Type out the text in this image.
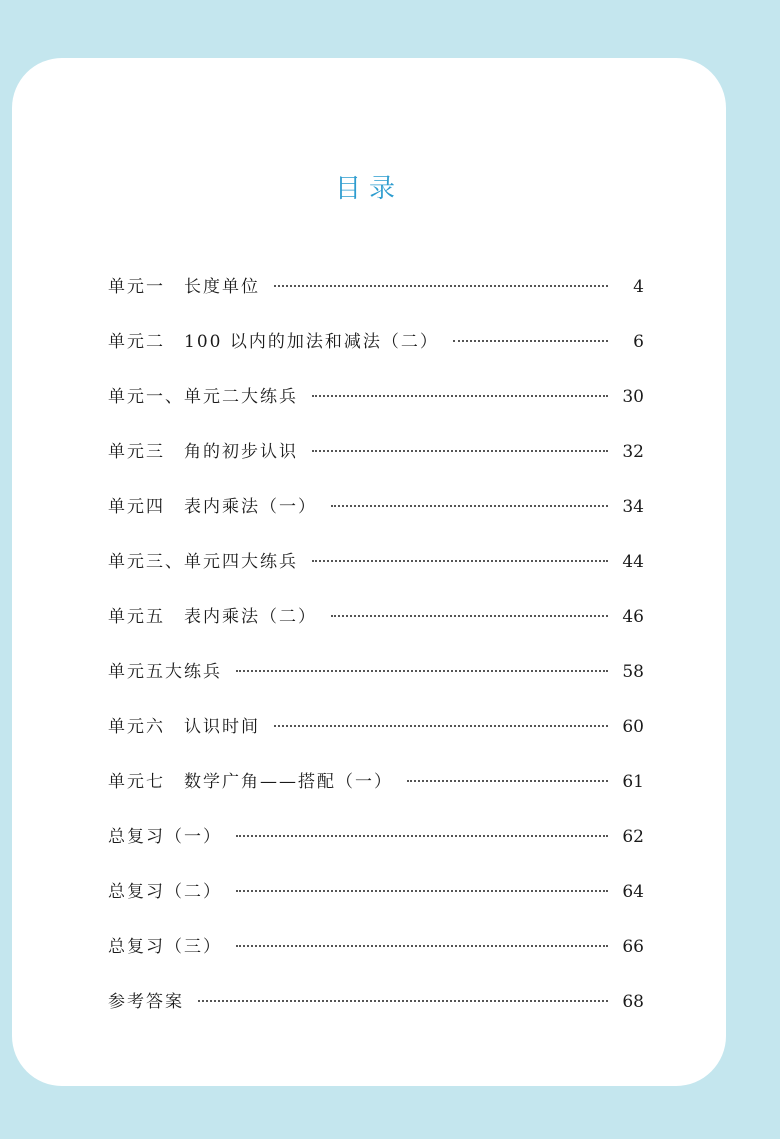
目录
单元一　长度单位	4
单元二　100 以内的加法和减法（二）	6
单元一、单元二大练兵	30
单元三　角的初步认识	32
单元四　表内乘法（一）	34
单元三、单元四大练兵	44
单元五　表内乘法（二）	46
单元五大练兵	58
单元六　认识时间	60
单元七　数学广角——搭配（一）	61
总复习（一）	62
总复习（二）	64
总复习（三）	66
参考答案	68
